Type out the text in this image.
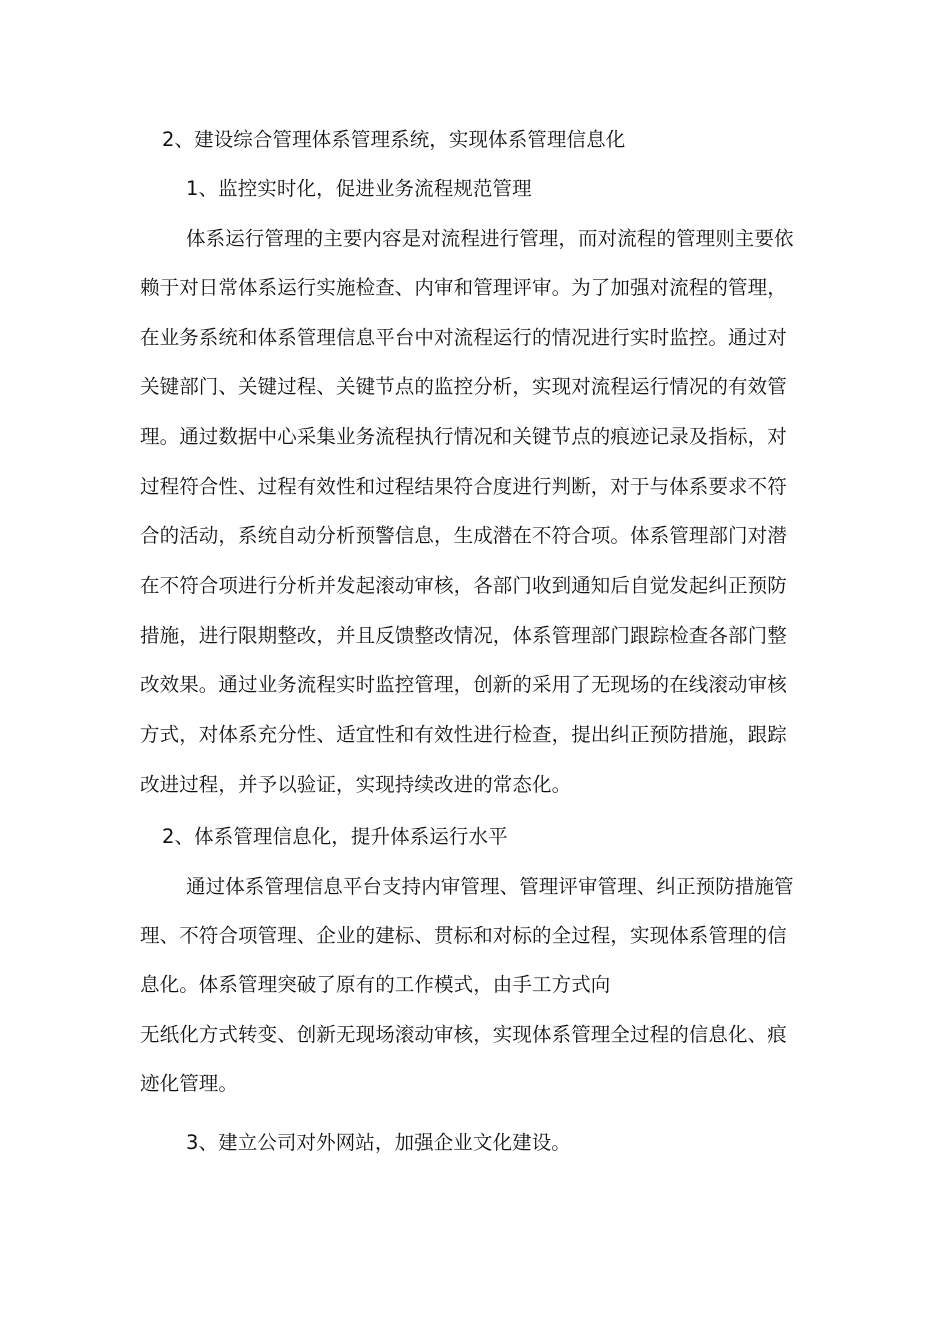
2、建设综合管理体系管理系统，实现体系管理信息化
1、监控实时化，促进业务流程规范管理
体系运行管理的主要内容是对流程进行管理，而对流程的管理则主要依
赖于对日常体系运行实施检查、内审和管理评审。为了加强对流程的管理，
在业务系统和体系管理信息平台中对流程运行的情况进行实时监控。通过对
关键部门、关键过程、关键节点的监控分析，实现对流程运行情况的有效管
理。通过数据中心采集业务流程执行情况和关键节点的痕迹记录及指标，对
过程符合性、过程有效性和过程结果符合度进行判断，对于与体系要求不符
合的活动，系统自动分析预警信息，生成潜在不符合项。体系管理部门对潜
在不符合项进行分析并发起滚动审核，各部门收到通知后自觉发起纠正预防
措施，进行限期整改，并且反馈整改情况，体系管理部门跟踪检查各部门整
改效果。通过业务流程实时监控管理，创新的采用了无现场的在线滚动审核
方式，对体系充分性、适宜性和有效性进行检查，提出纠正预防措施，跟踪
改进过程，并予以验证，实现持续改进的常态化。
2、体系管理信息化，提升体系运行水平
通过体系管理信息平台支持内审管理、管理评审管理、纠正预防措施管
理、不符合项管理、企业的建标、贯标和对标的全过程，实现体系管理的信
息化。体系管理突破了原有的工作模式，由手工方式向
无纸化方式转变、创新无现场滚动审核，实现体系管理全过程的信息化、痕
迹化管理。
3、建立公司对外网站，加强企业文化建设。
